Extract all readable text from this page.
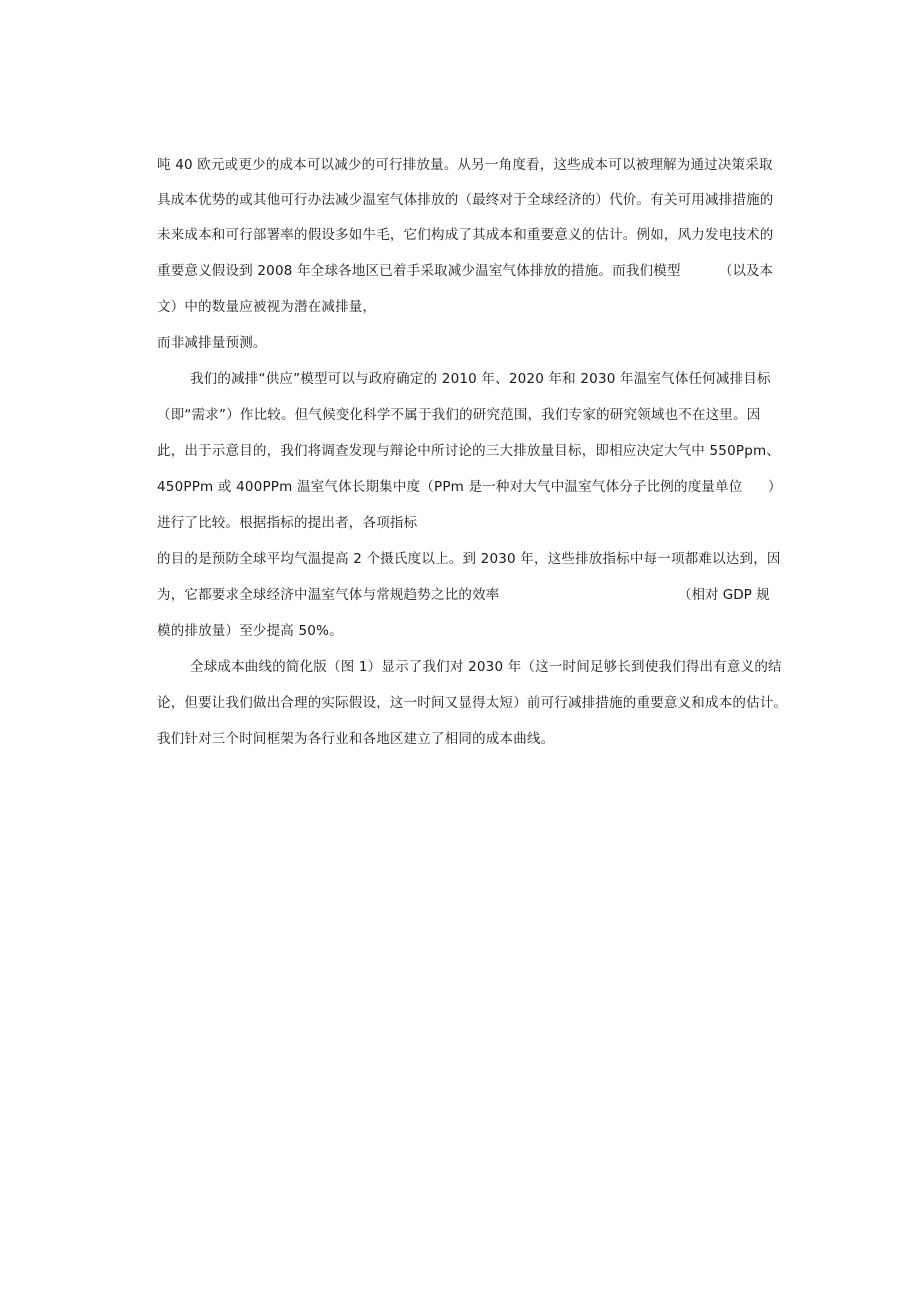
吨 40 欧元或更少的成本可以减少的可行排放量。从另一角度看，这些成本可以被理解为通过决策采取
具成本优势的或其他可行办法减少温室气体排放的（最终对于全球经济的）代价。有关可用减排措施的
未来成本和可行部署率的假设多如牛毛，它们构成了其成本和重要意义的估计。例如，风力发电技术的
重要意义假设到 2008 年全球各地区已着手采取减少温室气体排放的措施。而我们模型	（以及本
文）中的数量应被视为潜在减排量，
而非减排量预测。
我们的减排“供应”模型可以与政府确定的 2010 年、2020 年和 2030 年温室气体任何减排目标
（即“需求”）作比较。但气候变化科学不属于我们的研究范围，我们专家的研究领域也不在这里。因
此，出于示意目的，我们将调查发现与辩论中所讨论的三大排放量目标，即相应决定大气中 550Ppm、
450PPm 或 400PPm 温室气体长期集中度（PPm 是一种对大气中温室气体分子比例的度量单位 ）
进行了比较。根据指标的提出者，各项指标
的目的是预防全球平均气温提高 2 个摄氏度以上。到 2030 年，这些排放指标中每一项都难以达到，因
为，它都要求全球经济中温室气体与常规趋势之比的效率	（相对 GDP 规
模的排放量）至少提高 50%。
全球成本曲线的简化版（图 1）显示了我们对 2030 年（这一时间足够长到使我们得出有意义的结
论，但要让我们做出合理的实际假设，这一时间又显得太短）前可行减排措施的重要意义和成本的估计。
我们针对三个时间框架为各行业和各地区建立了相同的成本曲线。
